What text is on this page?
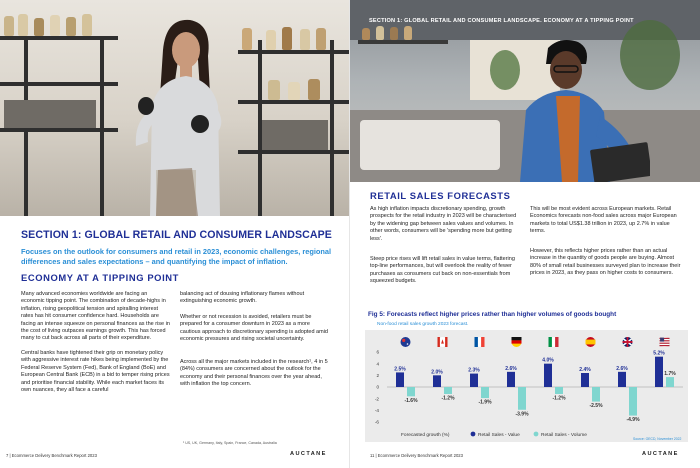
SECTION 1: GLOBAL RETAIL AND CONSUMER LANDSCAPE
Focuses on the outlook for consumers and retail in 2023, economic challenges, regional differences and sales expectations – and quantifying the impact of inflation.
ECONOMY AT A TIPPING POINT

Many advanced economies worldwide are facing an economic tipping point. The combination of decade-highs in inflation, rising geopolitical tension and spiralling interest rates has hit consumer confidence hard. Households are facing an intense squeeze on personal finances as the rise in the cost of living outpaces earnings growth. This has forced many to cut back across all parts of their expenditure.

Central banks have tightened their grip on monetary policy with aggressive interest rate hikes being implemented by the Federal Reserve System (Fed), Bank of England (BoE) and European Central Bank (ECB) in a bid to temper rising prices and prioritise financial stability. While each market faces its own nuances, they all face a careful

balancing act of dousing inflationary flames without extinguishing economic growth.

Whether or not recession is avoided, retailers must be prepared for a consumer downturn in 2023 as a more cautious approach to discretionary spending is adopted amid economic pressures and rising societal uncertainty.

Across all the major markets included in the research¹, 4 in 5 (84%) consumers are concerned about the outlook for the economy and their personal finances over the year ahead, with inflation the top concern.

¹ US, UK, Germany, Italy, Spain, France, Canada, Australia
7 | Ecommerce Delivery Benchmark Report 2023	AUCTANE
SECTION 1: GLOBAL RETAIL AND CONSUMER LANDSCAPE. ECONOMY AT A TIPPING POINT
RETAIL SALES FORECASTS

As high inflation impacts discretionary spending, growth prospects for the retail industry in 2023 will be characterised by the widening gap between sales values and volumes. In other words, consumers will be 'spending more but getting less'.

Steep price rises will lift retail sales in value terms, flattering top-line performances, but will overlook the reality of fewer purchases as consumers cut back on non-essentials from squeezed budgets.

This will be most evident across European markets. Retail Economics forecasts non-food sales across major European markets to total US$1.38 trillion in 2023, up 2.7% in value terms.

However, this reflects higher prices rather than an actual increase in the quantity of goods people are buying. Almost 80% of small retail businesses surveyed plan to increase their prices in 2023, as they pass on higher costs to consumers.

11 | Ecommerce Delivery Benchmark Report 2023	AUCTANE
Fig 5: Forecasts reflect higher prices rather than higher volumes of goods bought
Non-food retail sales growth 2023 forecast.
6
4
2
0
-2
-4
-6
2.5%
-1.6%
2.0%
-1.2%
2.3%
-1.9%
2.6%
-3.9%
4.0%
-1.2%
2.4%
-2.5%
2.6%
-4.9%
5.2%
1.7%
Forecasted growth (%)	Retail Sales - Value	Retail Sales - Volume
Source: OECD, November 2022
